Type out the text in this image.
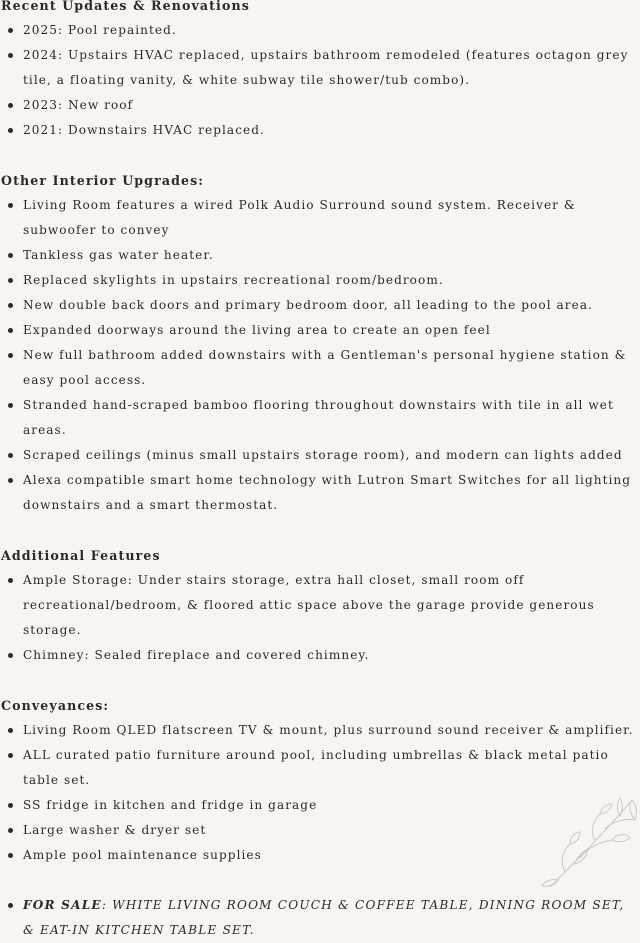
Recent Updates & Renovations
2025: Pool repainted.
2024: Upstairs HVAC replaced, upstairs bathroom remodeled (features octagon grey tile, a floating vanity, & white subway tile shower/tub combo).
2023: New roof
2021: Downstairs HVAC replaced.
Other Interior Upgrades:
Living Room features a wired Polk Audio Surround sound system. Receiver & subwoofer to convey
Tankless gas water heater.
Replaced skylights in upstairs recreational room/bedroom.
New double back doors and primary bedroom door, all leading to the pool area.
Expanded doorways around the living area to create an open feel
New full bathroom added downstairs with a Gentleman's personal hygiene station & easy pool access.
Stranded hand-scraped bamboo flooring throughout downstairs with tile in all wet areas.
Scraped ceilings (minus small upstairs storage room), and modern can lights added
Alexa compatible smart home technology with Lutron Smart Switches for all lighting downstairs and a smart thermostat.
Additional Features
Ample Storage: Under stairs storage, extra hall closet, small room off recreational/bedroom, & floored attic space above the garage provide generous storage.
Chimney: Sealed fireplace and covered chimney.
Conveyances:
Living Room QLED flatscreen TV & mount, plus surround sound receiver & amplifier.
ALL curated patio furniture around pool, including umbrellas & black metal patio table set.
SS fridge in kitchen and fridge in garage
Large washer & dryer set
Ample pool maintenance supplies
FOR SALE: WHITE LIVING ROOM COUCH & COFFEE TABLE, DINING ROOM SET, & EAT-IN KITCHEN TABLE SET.
